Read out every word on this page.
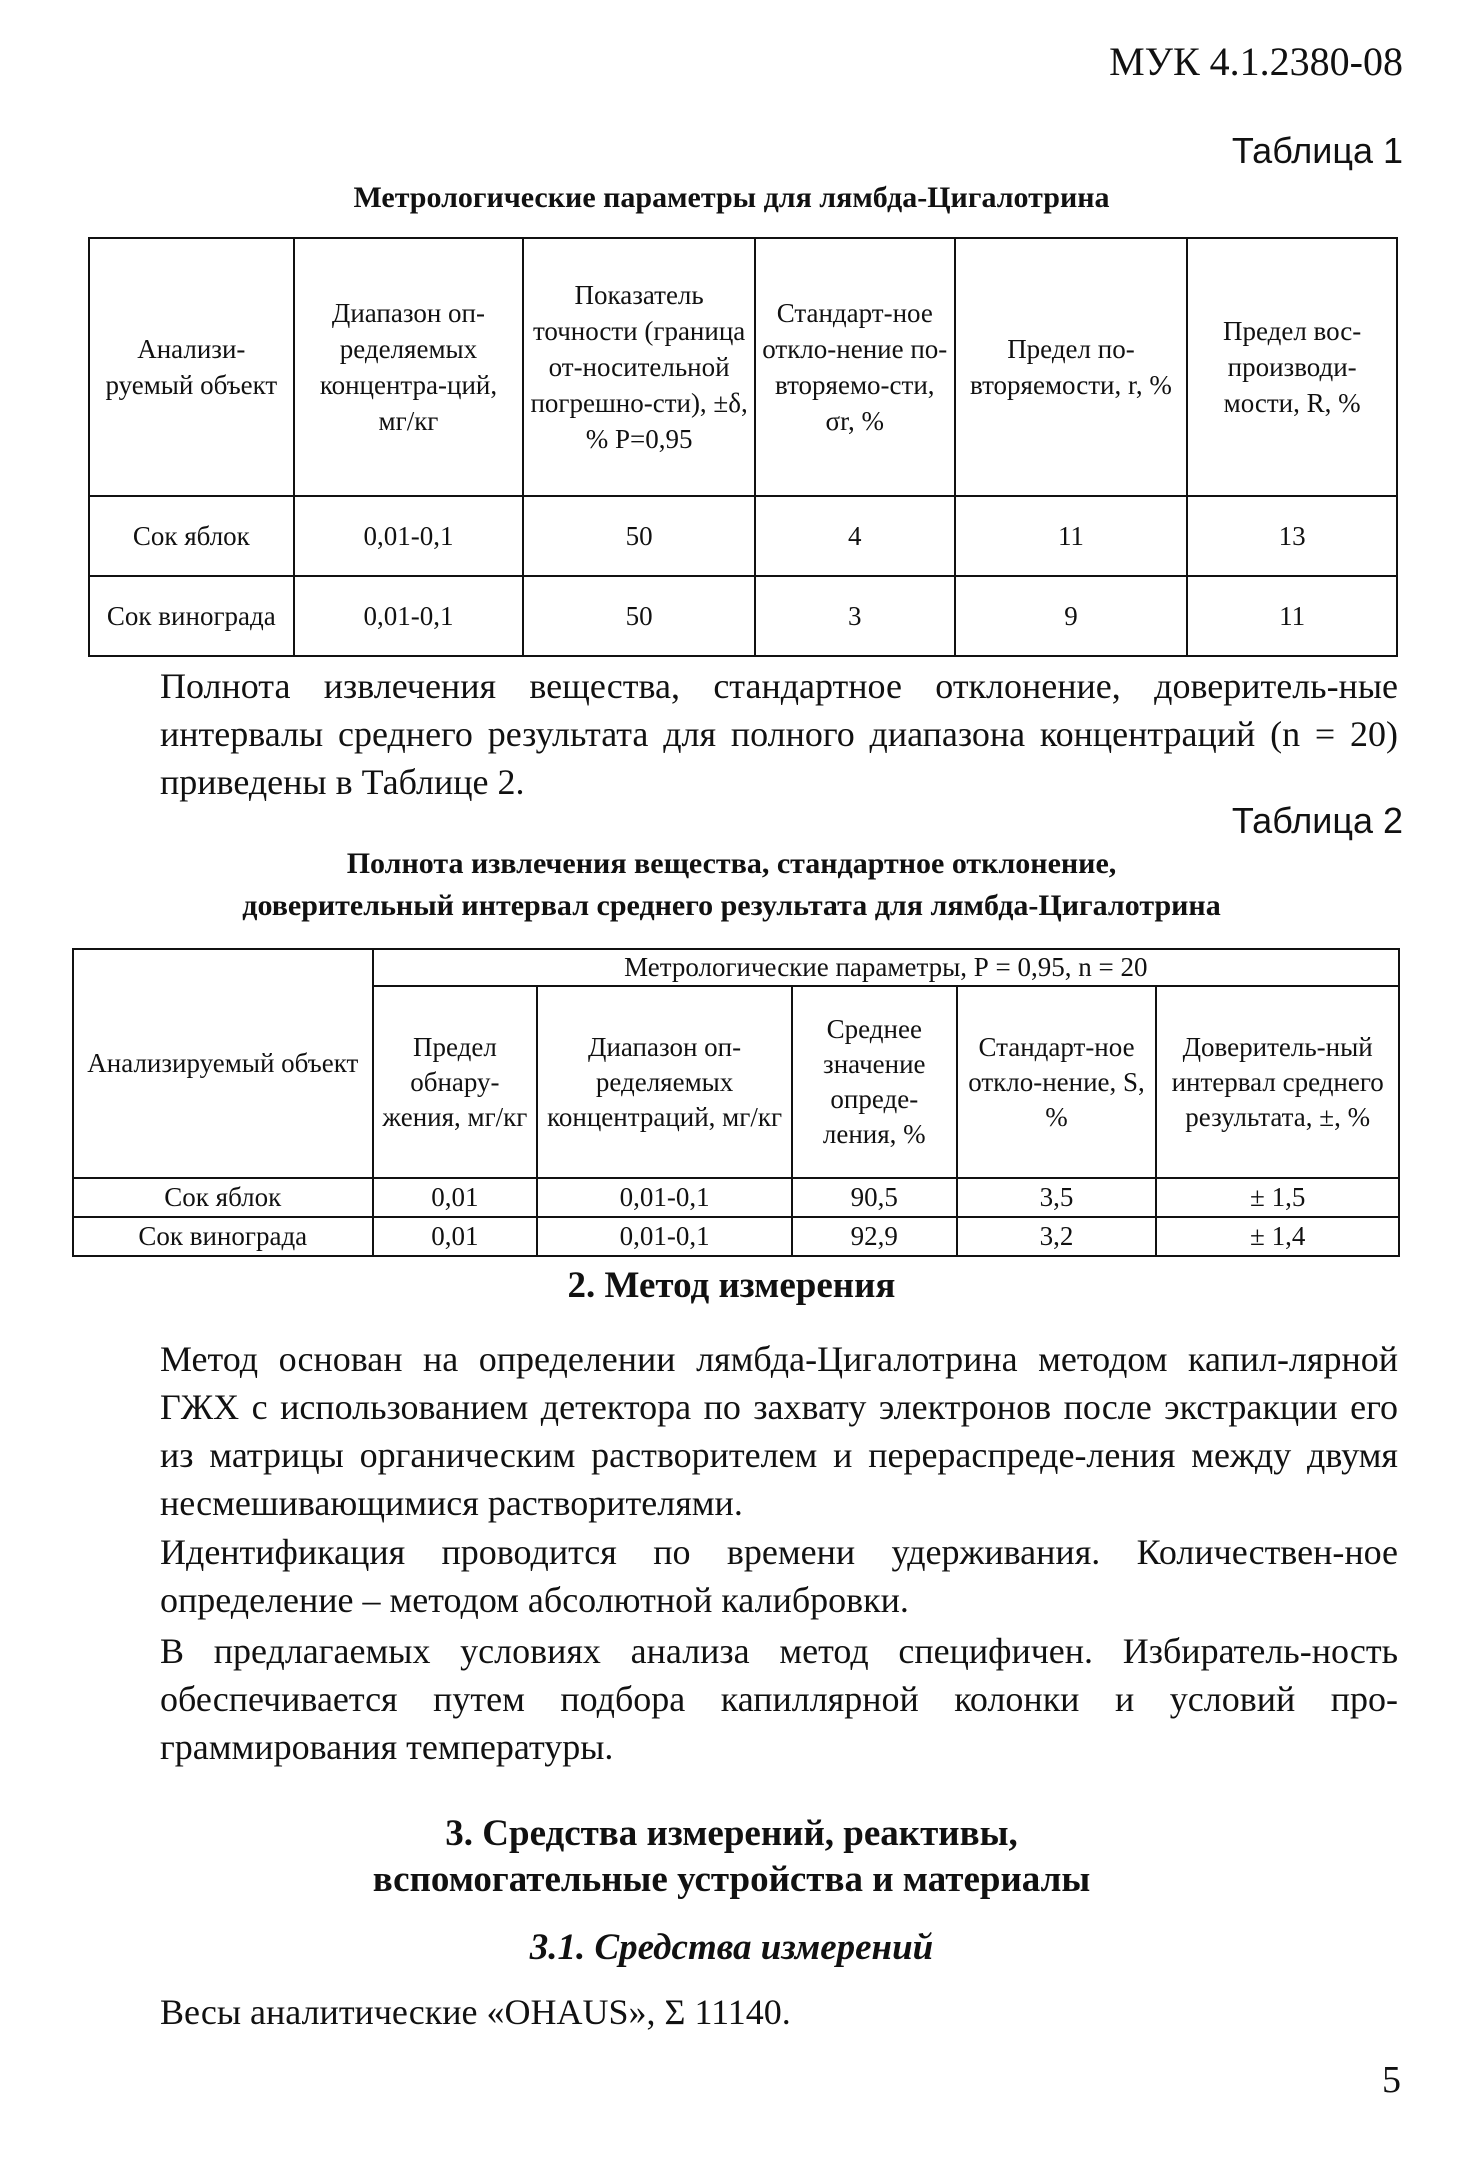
МУК 4.1.2380-08
Таблица 1
Метрологические параметры для лямбда-Цигалотрина
Анализи-руемый объект	Диапазон оп-ределяемых концентра-ций, мг/кг	Показатель точности (граница от-носительной погрешно-сти), ±δ, % Р=0,95	Стандарт-ное откло-нение по-вторяемо-сти, σr, %	Предел по-вторяемости, r, %	Предел вос-производи-мости, R, %
Сок яблок	0,01-0,1	50	4	11	13
Сок винограда	0,01-0,1	50	3	9	11
Полнота извлечения вещества, стандартное отклонение, доверитель-ные интервалы среднего результата для полного диапазона концентраций (n = 20) приведены в Таблице 2.
Таблица 2
Полнота извлечения вещества, стандартное отклонение,
доверительный интервал среднего результата для лямбда-Цигалотрина
Анализируемый объект	Метрологические параметры, Р = 0,95, n = 20				
	Предел обнару-жения, мг/кг	Диапазон оп-ределяемых концентраций, мг/кг	Среднее значение опреде-ления, %	Стандарт-ное откло-нение, S, %	Доверитель-ный интервал среднего результата, ±, %
Сок яблок	0,01	0,01-0,1	90,5	3,5	± 1,5
Сок винограда	0,01	0,01-0,1	92,9	3,2	± 1,4
2. Метод измерения
Метод основан на определении лямбда-Цигалотрина методом капил-лярной ГЖХ с использованием детектора по захвату электронов после экстракции его из матрицы органическим растворителем и перераспреде-ления между двумя несмешивающимися растворителями.
Идентификация проводится по времени удерживания. Количествен-ное определение – методом абсолютной калибровки.
В предлагаемых условиях анализа метод специфичен. Избиратель-ность обеспечивается путем подбора капиллярной колонки и условий про-граммирования температуры.
3. Средства измерений, реактивы,
вспомогательные устройства и материалы
3.1. Средства измерений
Весы аналитические «OHAUS», Σ 11140.
5
